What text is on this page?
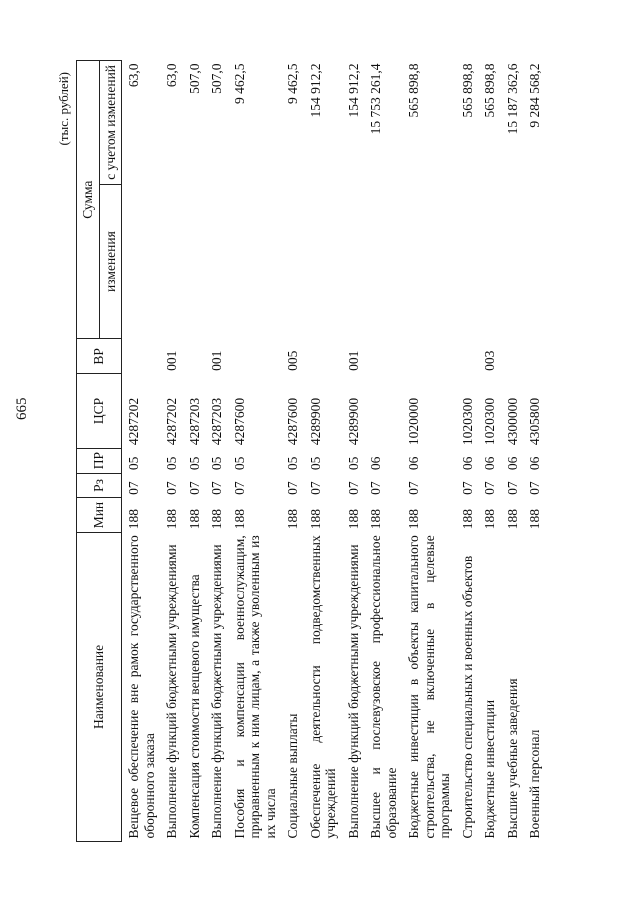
665
(тыс. рублей)
Наименование	Мин	Рз	ПР	ЦСР	ВР	Сумма	
						изменения	с учетом изменений
Вещевое обеспечение вне рамок государственного оборонного заказа	188	07	05	4287202			63,0
Выполнение функций бюджетными учреждениями	188	07	05	4287202	001		63,0
Компенсация стоимости вещевого имущества	188	07	05	4287203			507,0
Выполнение функций бюджетными учреждениями	188	07	05	4287203	001		507,0
Пособия и компенсации военнослужащим, приравненным к ним лицам, а также уволенным из их числа	188	07	05	4287600			9 462,5
Социальные выплаты	188	07	05	4287600	005		9 462,5
Обеспечение деятельности подведомственных учреждений	188	07	05	4289900			154 912,2
Выполнение функций бюджетными учреждениями	188	07	05	4289900	001		154 912,2
Высшее и послевузовское профессиональное образование	188	07	06				15 753 261,4
Бюджетные инвестиции в объекты капитального строительства, не включенные в целевые программы	188	07	06	1020000			565 898,8
Строительство специальных и военных объектов	188	07	06	1020300			565 898,8
Бюджетные инвестиции	188	07	06	1020300	003		565 898,8
Высшие учебные заведения	188	07	06	4300000			15 187 362,6
Военный персонал	188	07	06	4305800			9 284 568,2
